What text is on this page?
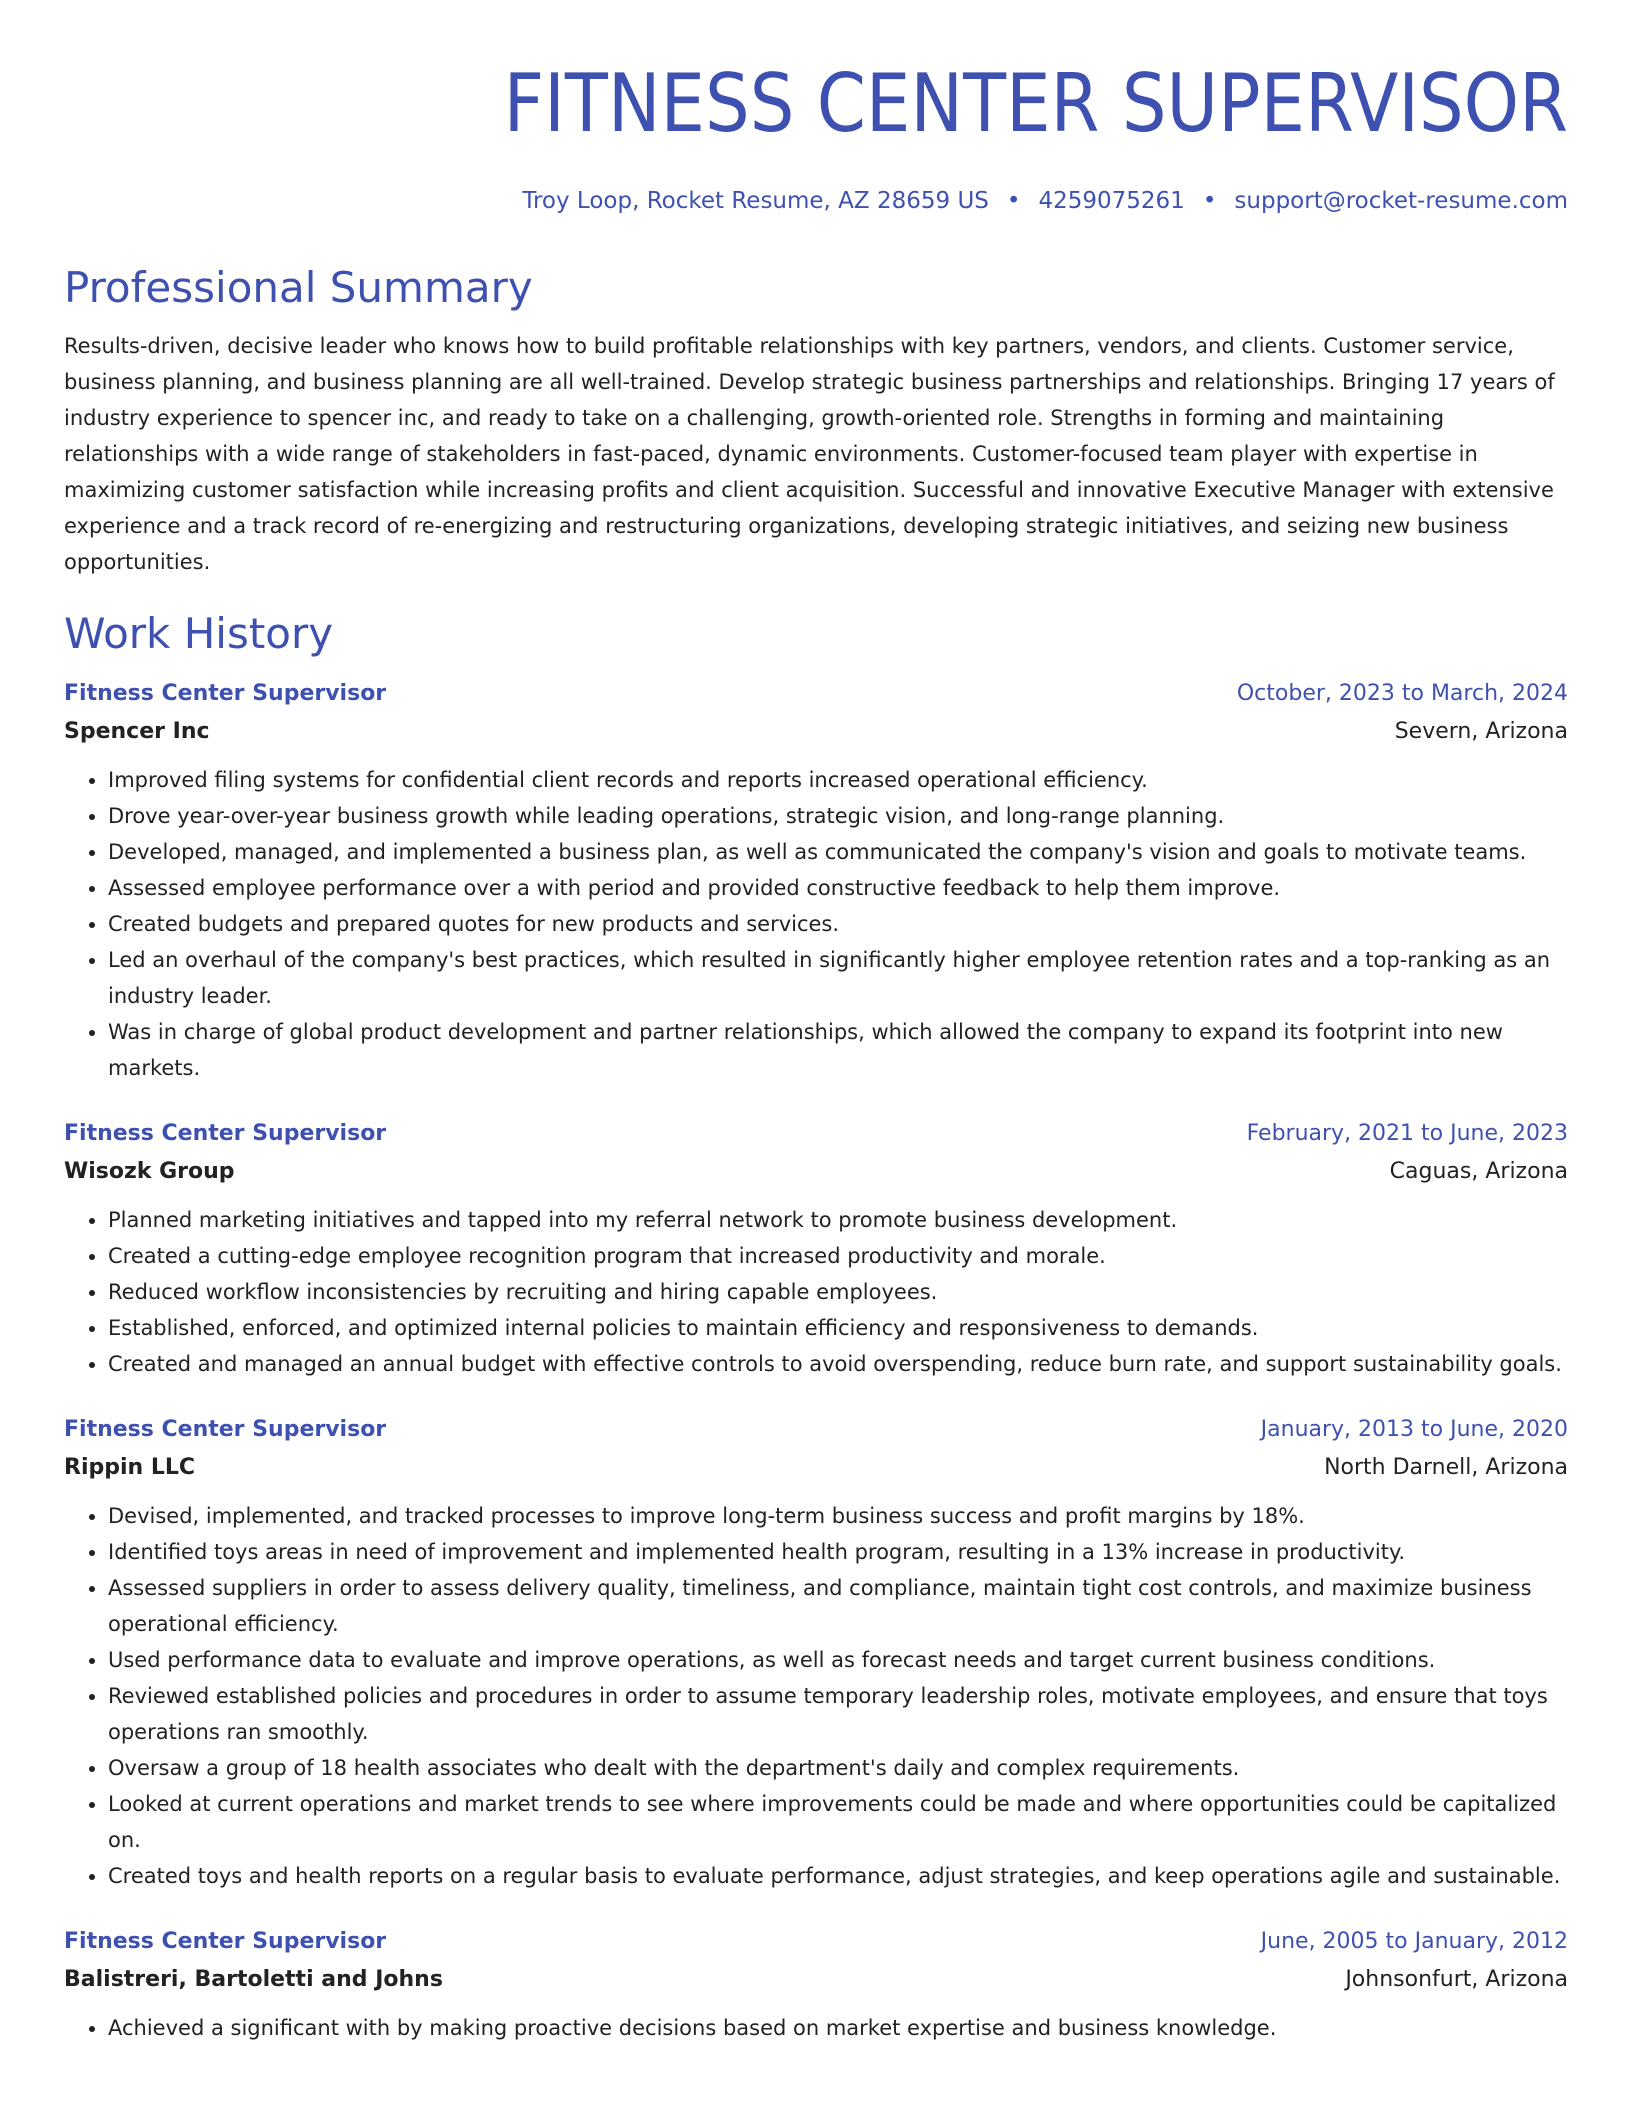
FITNESS CENTER SUPERVISOR
Troy Loop, Rocket Resume, AZ 28659 US • 4259075261 • support@rocket-resume.com
Professional Summary

Results-driven, decisive leader who knows how to build profitable relationships with key partners, vendors, and clients. Customer service, business planning, and business planning are all well-trained. Develop strategic business partnerships and relationships. Bringing 17 years of industry experience to spencer inc, and ready to take on a challenging, growth-oriented role. Strengths in forming and maintaining relationships with a wide range of stakeholders in fast-paced, dynamic environments. Customer-focused team player with expertise in maximizing customer satisfaction while increasing profits and client acquisition. Successful and innovative Executive Manager with extensive experience and a track record of re-energizing and restructuring organizations, developing strategic initiatives, and seizing new business opportunities.

Work History
Fitness Center Supervisor	October, 2023 to March, 2024
Spencer Inc	Severn, Arizona
• Improved filing systems for confidential client records and reports increased operational efficiency.
• Drove year-over-year business growth while leading operations, strategic vision, and long-range planning.
• Developed, managed, and implemented a business plan, as well as communicated the company's vision and goals to motivate teams.
• Assessed employee performance over a with period and provided constructive feedback to help them improve.
• Created budgets and prepared quotes for new products and services.
• Led an overhaul of the company's best practices, which resulted in significantly higher employee retention rates and a top-ranking as an industry leader.
• Was in charge of global product development and partner relationships, which allowed the company to expand its footprint into new markets.
Fitness Center Supervisor	February, 2021 to June, 2023
Wisozk Group	Caguas, Arizona
• Planned marketing initiatives and tapped into my referral network to promote business development.
• Created a cutting-edge employee recognition program that increased productivity and morale.
• Reduced workflow inconsistencies by recruiting and hiring capable employees.
• Established, enforced, and optimized internal policies to maintain efficiency and responsiveness to demands.
• Created and managed an annual budget with effective controls to avoid overspending, reduce burn rate, and support sustainability goals.
Fitness Center Supervisor	January, 2013 to June, 2020
Rippin LLC	North Darnell, Arizona
• Devised, implemented, and tracked processes to improve long-term business success and profit margins by 18%.
• Identified toys areas in need of improvement and implemented health program, resulting in a 13% increase in productivity.
• Assessed suppliers in order to assess delivery quality, timeliness, and compliance, maintain tight cost controls, and maximize business operational efficiency.
• Used performance data to evaluate and improve operations, as well as forecast needs and target current business conditions.
• Reviewed established policies and procedures in order to assume temporary leadership roles, motivate employees, and ensure that toys operations ran smoothly.
• Oversaw a group of 18 health associates who dealt with the department's daily and complex requirements.
• Looked at current operations and market trends to see where improvements could be made and where opportunities could be capitalized on.
• Created toys and health reports on a regular basis to evaluate performance, adjust strategies, and keep operations agile and sustainable.
Fitness Center Supervisor	June, 2005 to January, 2012
Balistreri, Bartoletti and Johns	Johnsonfurt, Arizona
• Achieved a significant with by making proactive decisions based on market expertise and business knowledge.
